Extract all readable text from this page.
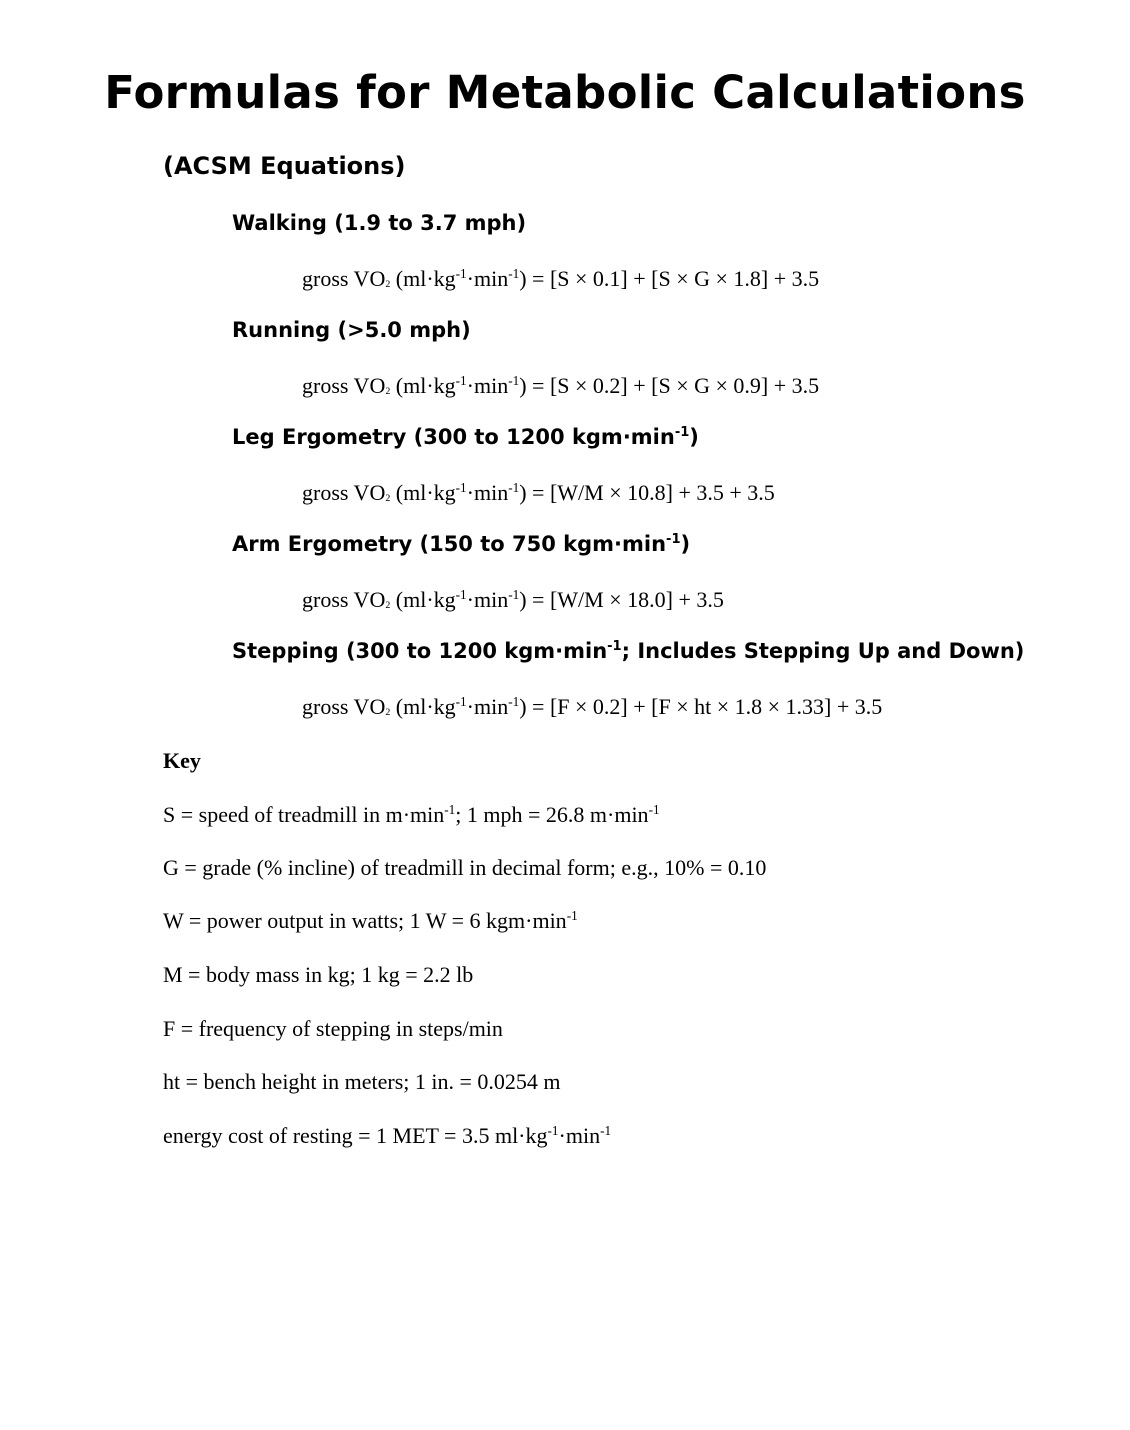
Formulas for Metabolic Calculations
(ACSM Equations)
Walking (1.9 to 3.7 mph)
gross $VO_2$ $(ml\cdot kg^{-1}\cdot\min^{-1}) = [S \times 0.1] + [S \times G \times 1.8] + 3.5$
Running (>5.0 mph)
gross $VO_2$ $(ml\cdot kg^{-1}\cdot\min^{-1}) = [S \times 0.2] + [S \times G \times 0.9] + 3.5$
Leg Ergometry (300 to 1200 $kgm\cdot\min^{-1}$)
gross $VO_2$ $(ml\cdot kg^{-1}\cdot\min^{-1}) = [W/M \times 10.8] + 3.5 + 3.5$
Arm Ergometry (150 to 750 $kgm\cdot\min^{-1}$)
gross $VO_2$ $(ml\cdot kg^{-1}\cdot\min^{-1}) = [W/M \times 18.0] + 3.5$
Stepping (300 to 1200 $kgm\cdot\min^{-1}$; Includes Stepping Up and Down)
gross $VO_2$ $(ml\cdot kg^{-1}\cdot\min^{-1}) = [F \times 0.2] + [F$ × ht × 1.8 × 1.33] + 3.5
Key
S = speed of treadmill in $m\cdot\min^{-1}$; 1 mph = 26.8 $m\cdot\min^{-1}$
G = grade (% incline) of treadmill in decimal form; e.g., 10% = 0.10
W = power output in watts; 1 W = 6 $kgm\cdot\min^{-1}$
M = body mass in kg; 1 kg = 2.2 lb
F = frequency of stepping in steps/min
ht = bench height in meters; 1 in. = 0.0254 m
energy cost of resting = 1 MET = 3.5 $ml\cdot kg^{-1}\cdot\min^{-1}$
